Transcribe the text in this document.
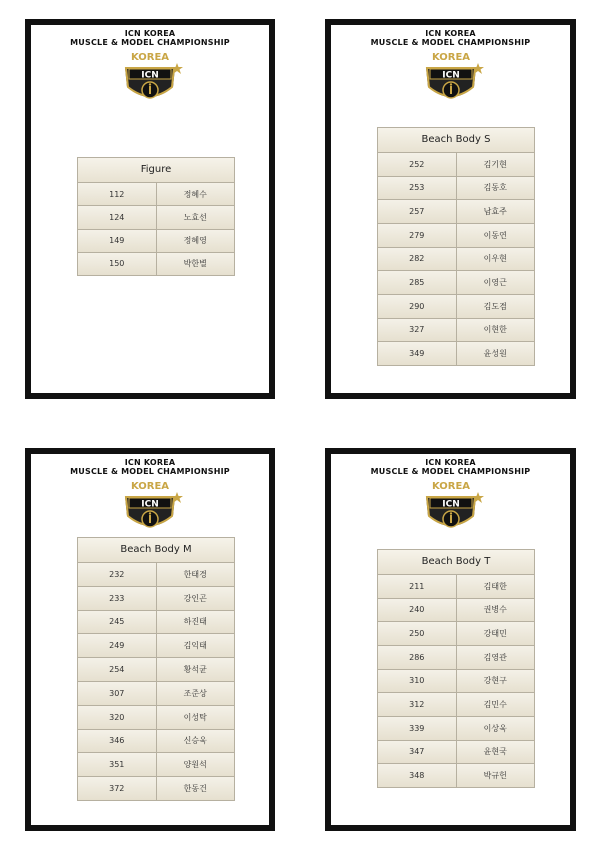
ICN KOREA
MUSCLE & MODEL CHAMPIONSHIP
KOREA
ICN
Figure
112	정혜수
124	노효선
149	정혜영
150	박한별
ICN KOREA
MUSCLE & MODEL CHAMPIONSHIP
KOREA
ICN
Beach Body S
252	김기현
253	김동호
257	남효주
279	이동연
282	이우현
285	이영근
290	김도겸
327	이현한
349	윤성원
ICN KOREA
MUSCLE & MODEL CHAMPIONSHIP
KOREA
ICN
Beach Body M
232	한태경
233	강인곤
245	하진태
249	김익태
254	황석균
307	조준상
320	이성탁
346	신승욱
351	양원석
372	한동건
ICN KOREA
MUSCLE & MODEL CHAMPIONSHIP
KOREA
ICN
Beach Body T
211	김태한
240	권병수
250	강태민
286	김영관
310	강현구
312	김민수
339	이상욱
347	윤현국
348	박규헌
